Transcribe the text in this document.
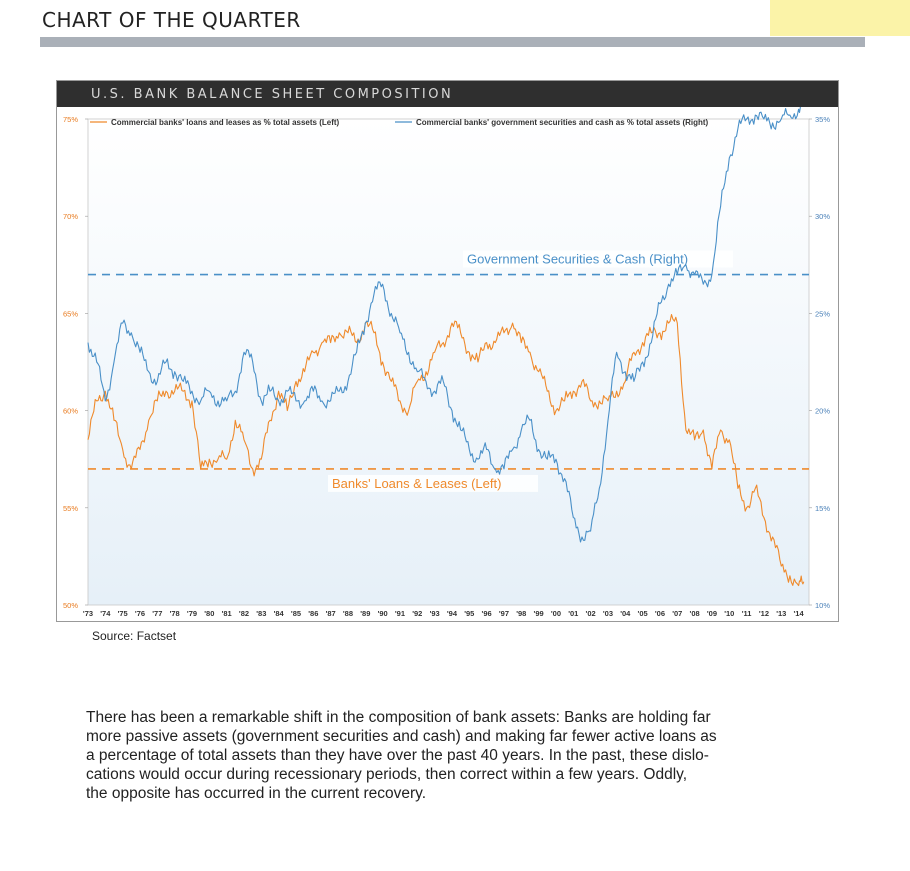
CHART OF THE QUARTER
U.S. BANK BALANCE SHEET COMPOSITION
Commercial banks' loans and leases as % total assets (Left)	Commercial banks' government securities and cash as % total assets (Right)
50%
55%
60%
65%
70%
75%
10%
15%
20%
25%
30%
35%
'73 '74 '75 '76 '77 '78 '79 '80 '81 '82 '83 '84 '85 '86 '87 '88 '89 '90 '91 '92 '93 '94 '95 '96 '97 '98 '99 '00 '01 '02 '03 '04 '05 '06 '07 '08 '09 '10 '11 '12 '13 '14
Government Securities & Cash (Right)
Banks' Loans & Leases (Left)
Source: Factset
There has been a remarkable shift in the composition of bank assets: Banks are holding far
more passive assets (government securities and cash) and making far fewer active loans as
a percentage of total assets than they have over the past 40 years. In the past, these dislo-
cations would occur during recessionary periods, then correct within a few years. Oddly,
the opposite has occurred in the current recovery.
